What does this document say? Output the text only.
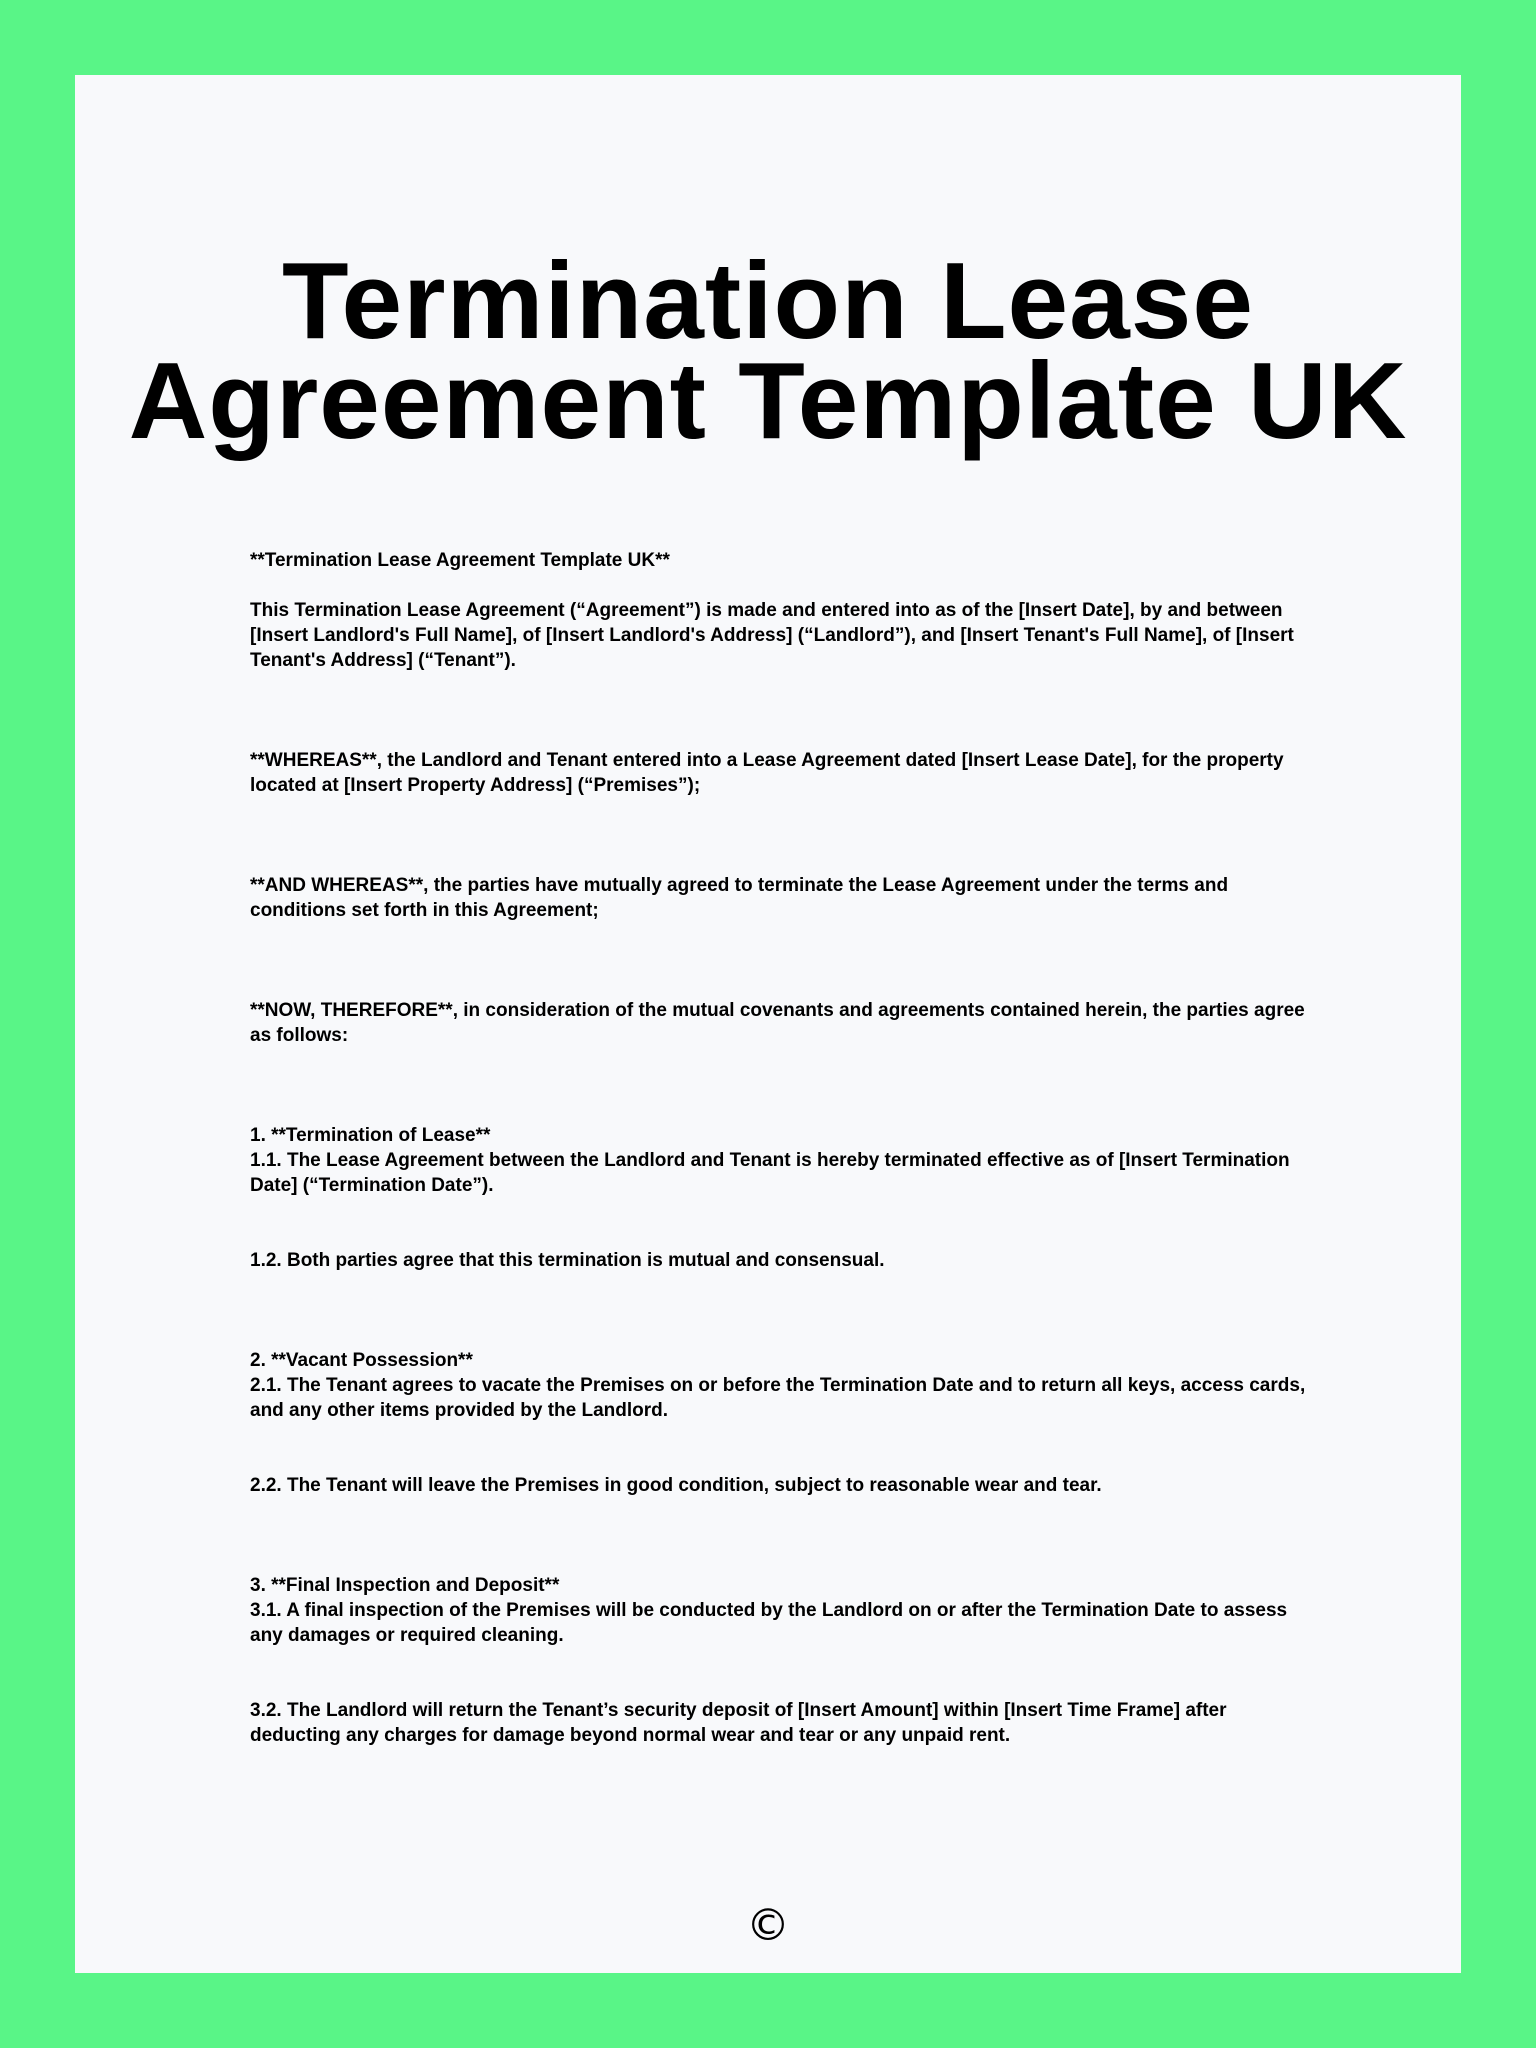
Termination Lease
Agreement Template UK

**Termination Lease Agreement Template UK**

This Termination Lease Agreement (“Agreement”) is made and entered into as of the [Insert Date], by and between [Insert Landlord's Full Name], of [Insert Landlord's Address] (“Landlord”), and [Insert Tenant's Full Name], of [Insert Tenant's Address] (“Tenant”).

**WHEREAS**, the Landlord and Tenant entered into a Lease Agreement dated [Insert Lease Date], for the property located at [Insert Property Address] (“Premises”);

**AND WHEREAS**, the parties have mutually agreed to terminate the Lease Agreement under the terms and conditions set forth in this Agreement;

**NOW, THEREFORE**, in consideration of the mutual covenants and agreements contained herein, the parties agree as follows:

1. **Termination of Lease**

1.1. The Lease Agreement between the Landlord and Tenant is hereby terminated effective as of [Insert Termination Date] (“Termination Date”).

1.2. Both parties agree that this termination is mutual and consensual.

2. **Vacant Possession**

2.1. The Tenant agrees to vacate the Premises on or before the Termination Date and to return all keys, access cards, and any other items provided by the Landlord.

2.2. The Tenant will leave the Premises in good condition, subject to reasonable wear and tear.

3. **Final Inspection and Deposit**

3.1. A final inspection of the Premises will be conducted by the Landlord on or after the Termination Date to assess any damages or required cleaning.

3.2. The Landlord will return the Tenant’s security deposit of [Insert Amount] within [Insert Time Frame] after deducting any charges for damage beyond normal wear and tear or any unpaid rent.

©
